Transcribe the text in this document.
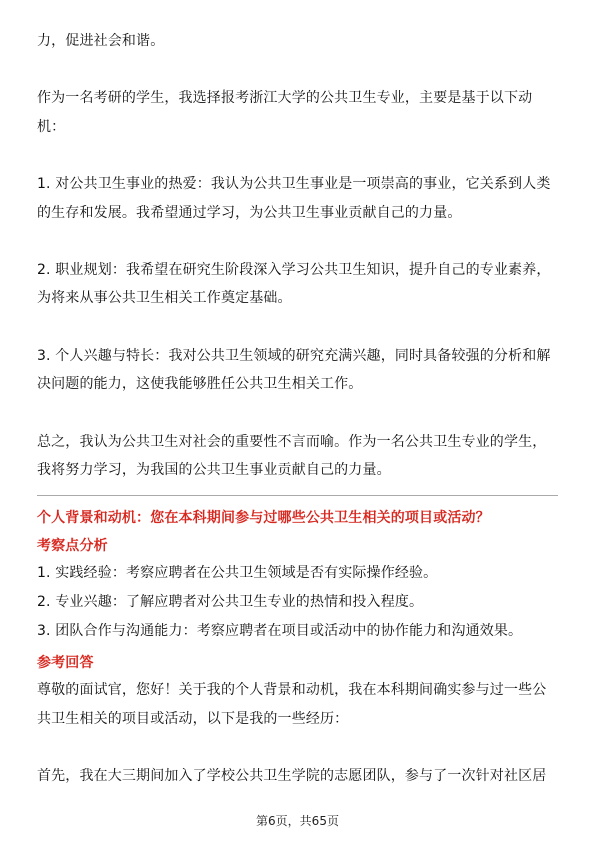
力，促进社会和谐。
作为一名考研的学生，我选择报考浙江大学的公共卫生专业，主要是基于以下动
机：
1. 对公共卫生事业的热爱：我认为公共卫生事业是一项崇高的事业，它关系到人类
的生存和发展。我希望通过学习，为公共卫生事业贡献自己的力量。
2. 职业规划：我希望在研究生阶段深入学习公共卫生知识，提升自己的专业素养，
为将来从事公共卫生相关工作奠定基础。
3. 个人兴趣与特长：我对公共卫生领域的研究充满兴趣，同时具备较强的分析和解
决问题的能力，这使我能够胜任公共卫生相关工作。
总之，我认为公共卫生对社会的重要性不言而喻。作为一名公共卫生专业的学生，
我将努力学习，为我国的公共卫生事业贡献自己的力量。
个人背景和动机：您在本科期间参与过哪些公共卫生相关的项目或活动？
考察点分析
1. 实践经验：考察应聘者在公共卫生领域是否有实际操作经验。
2. 专业兴趣：了解应聘者对公共卫生专业的热情和投入程度。
3. 团队合作与沟通能力：考察应聘者在项目或活动中的协作能力和沟通效果。
参考回答
尊敬的面试官，您好！关于我的个人背景和动机，我在本科期间确实参与过一些公
共卫生相关的项目或活动，以下是我的一些经历：
首先，我在大三期间加入了学校公共卫生学院的志愿团队，参与了一次针对社区居
第6页，共65页
